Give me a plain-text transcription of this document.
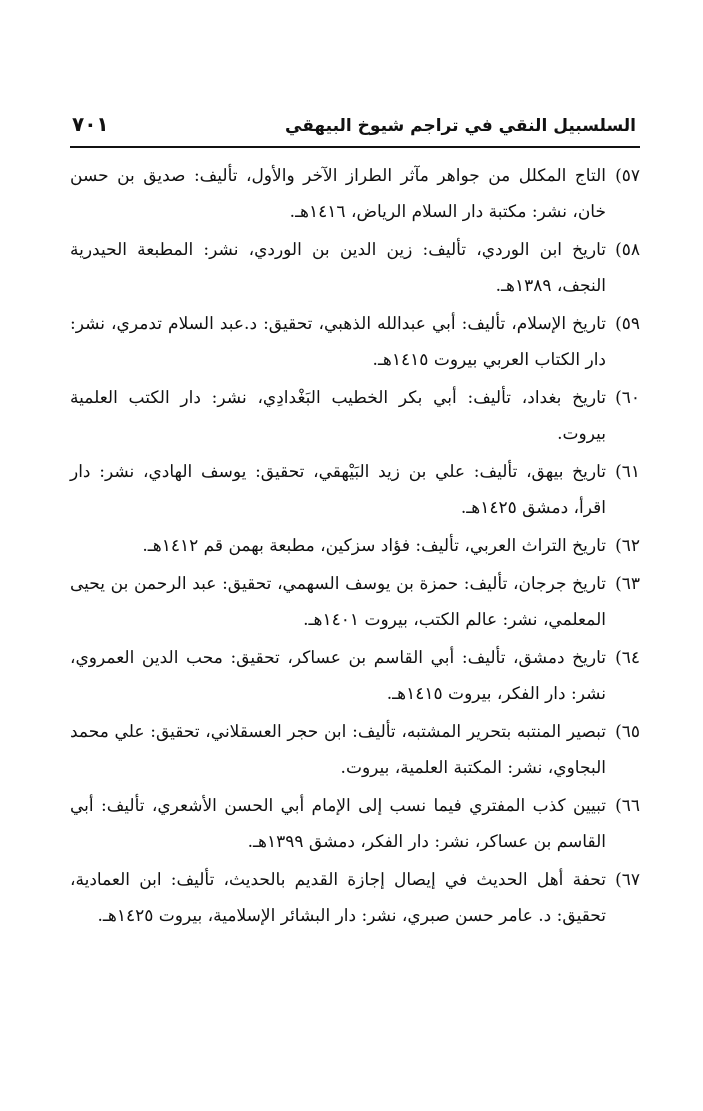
السلسبيل النقي في تراجم شيوخ البيهقي
٧٠١
٥٧)
التاج المكلل من جواهر مآثر الطراز الآخر والأول، تأليف: صديق بن حسن خان، نشر: مكتبة دار السلام الرياض، ١٤١٦هـ.
٥٨)
تاريخ ابن الوردي، تأليف: زين الدين بن الوردي، نشر: المطبعة الحيدرية النجف، ١٣٨٩هـ.
٥٩)
تاريخ الإسلام، تأليف: أبي عبدالله الذهبي، تحقيق: د.عبد السلام تدمري، نشر: دار الكتاب العربي بيروت ١٤١٥هـ.
٦٠)
تاريخ بغداد، تأليف: أبي بكر الخطيب البَغْدادِي، نشر: دار الكتب العلمية بيروت.
٦١)
تاريخ بيهق، تأليف: علي بن زيد البَيْهقي، تحقيق: يوسف الهادي، نشر: دار اقرأ، دمشق ١٤٢٥هـ.
٦٢)
تاريخ التراث العربي، تأليف: فؤاد سزكين، مطبعة بهمن قم ١٤١٢هـ.
٦٣)
تاريخ جرجان، تأليف: حمزة بن يوسف السهمي، تحقيق: عبد الرحمن بن يحيى المعلمي، نشر: عالم الكتب، بيروت ١٤٠١هـ.
٦٤)
تاريخ دمشق، تأليف: أبي القاسم بن عساكر، تحقيق: محب الدين العمروي، نشر: دار الفكر، بيروت ١٤١٥هـ.
٦٥)
تبصير المنتبه بتحرير المشتبه، تأليف: ابن حجر العسقلاني، تحقيق: علي محمد البجاوي، نشر: المكتبة العلمية، بيروت.
٦٦)
تبيين كذب المفتري فيما نسب إلى الإمام أبي الحسن الأشعري، تأليف: أبي القاسم بن عساكر، نشر: دار الفكر، دمشق ١٣٩٩هـ.
٦٧)
تحفة أهل الحديث في إيصال إجازة القديم بالحديث، تأليف: ابن العمادية، تحقيق: د. عامر حسن صبري، نشر: دار البشائر الإسلامية، بيروت ١٤٢٥هـ.
